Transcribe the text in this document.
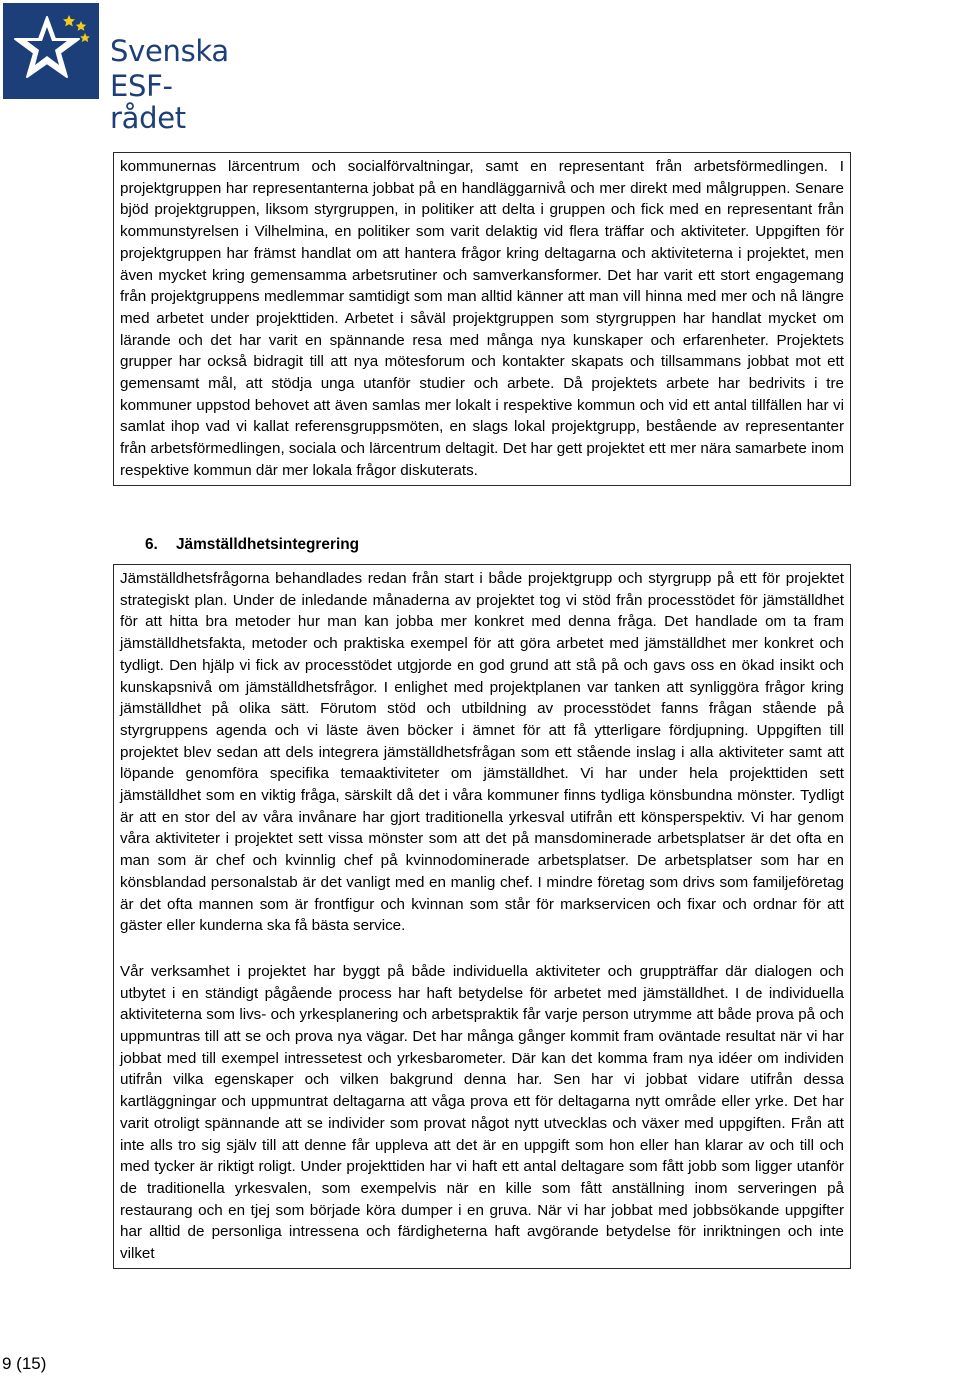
Svenska
ESF-rådet

kommunernas lärcentrum och socialförvaltningar, samt en representant från arbetsförmedlingen. I projektgruppen har representanterna jobbat på en handläggarnivå och mer direkt med målgruppen. Senare bjöd projektgruppen, liksom styrgruppen, in politiker att delta i gruppen och fick med en representant från kommunstyrelsen i Vilhelmina, en politiker som varit delaktig vid flera träffar och aktiviteter. Uppgiften för projektgruppen har främst handlat om att hantera frågor kring deltagarna och aktiviteterna i projektet, men även mycket kring gemensamma arbetsrutiner och samverkansformer. Det har varit ett stort engagemang från projektgruppens medlemmar samtidigt som man alltid känner att man vill hinna med mer och nå längre med arbetet under projekttiden. Arbetet i såväl projektgruppen som styrgruppen har handlat mycket om lärande och det har varit en spännande resa med många nya kunskaper och erfarenheter. Projektets grupper har också bidragit till att nya mötesforum och kontakter skapats och tillsammans jobbat mot ett gemensamt mål, att stödja unga utanför studier och arbete. Då projektets arbete har bedrivits i tre kommuner uppstod behovet att även samlas mer lokalt i respektive kommun och vid ett antal tillfällen har vi samlat ihop vad vi kallat referensgruppsmöten, en slags lokal projektgrupp, bestående av representanter från arbetsförmedlingen, sociala och lärcentrum deltagit. Det har gett projektet ett mer nära samarbete inom respektive kommun där mer lokala frågor diskuterats.

6. Jämställdhetsintegrering

Jämställdhetsfrågorna behandlades redan från start i både projektgrupp och styrgrupp på ett för projektet strategiskt plan. Under de inledande månaderna av projektet tog vi stöd från processtödet för jämställdhet för att hitta bra metoder hur man kan jobba mer konkret med denna fråga. Det handlade om ta fram jämställdhetsfakta, metoder och praktiska exempel för att göra arbetet med jämställdhet mer konkret och tydligt. Den hjälp vi fick av processtödet utgjorde en god grund att stå på och gavs oss en ökad insikt och kunskapsnivå om jämställdhetsfrågor. I enlighet med projektplanen var tanken att synliggöra frågor kring jämställdhet på olika sätt. Förutom stöd och utbildning av processtödet fanns frågan stående på styrgruppens agenda och vi läste även böcker i ämnet för att få ytterligare fördjupning. Uppgiften till projektet blev sedan att dels integrera jämställdhetsfrågan som ett stående inslag i alla aktiviteter samt att löpande genomföra specifika temaaktiviteter om jämställdhet. Vi har under hela projekttiden sett jämställdhet som en viktig fråga, särskilt då det i våra kommuner finns tydliga könsbundna mönster. Tydligt är att en stor del av våra invånare har gjort traditionella yrkesval utifrån ett könsperspektiv. Vi har genom våra aktiviteter i projektet sett vissa mönster som att det på mansdominerade arbetsplatser är det ofta en man som är chef och kvinnlig chef på kvinnodominerade arbetsplatser. De arbetsplatser som har en könsblandad personalstab är det vanligt med en manlig chef. I mindre företag som drivs som familjeföretag är det ofta mannen som är frontfigur och kvinnan som står för markservicen och fixar och ordnar för att gäster eller kunderna ska få bästa service.

Vår verksamhet i projektet har byggt på både individuella aktiviteter och gruppträffar där dialogen och utbytet i en ständigt pågående process har haft betydelse för arbetet med jämställdhet. I de individuella aktiviteterna som livs- och yrkesplanering och arbetspraktik får varje person utrymme att både prova på och uppmuntras till att se och prova nya vägar. Det har många gånger kommit fram oväntade resultat när vi har jobbat med till exempel intressetest och yrkesbarometer. Där kan det komma fram nya idéer om individen utifrån vilka egenskaper och vilken bakgrund denna har. Sen har vi jobbat vidare utifrån dessa kartläggningar och uppmuntrat deltagarna att våga prova ett för deltagarna nytt område eller yrke. Det har varit otroligt spännande att se individer som provat något nytt utvecklas och växer med uppgiften. Från att inte alls tro sig själv till att denne får uppleva att det är en uppgift som hon eller han klarar av och till och med tycker är riktigt roligt. Under projekttiden har vi haft ett antal deltagare som fått jobb som ligger utanför de traditionella yrkesvalen, som exempelvis när en kille som fått anställning inom serveringen på restaurang och en tjej som började köra dumper i en gruva. När vi har jobbat med jobbsökande uppgifter har alltid de personliga intressena och färdigheterna haft avgörande betydelse för inriktningen och inte vilket

9 (15)
